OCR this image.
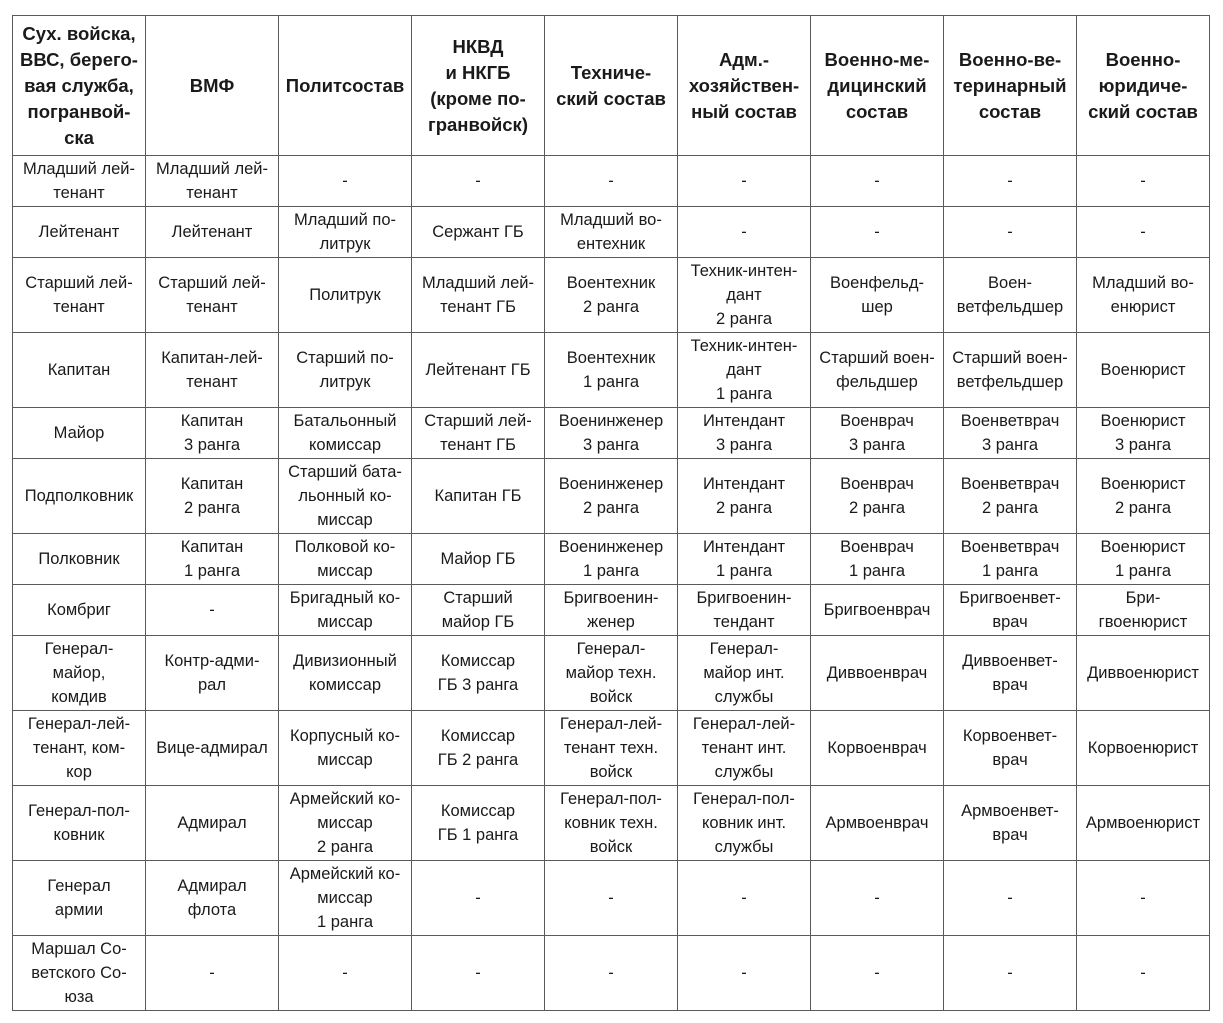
Сух. войска,
ВВС, берего-
вая служба,
погранвой-
ска	ВМФ	Политсостав	НКВД
и НКГБ
(кроме по-
гранвойск)	Техниче-
ский состав	Адм.-
хозяйствен-
ный состав	Военно-ме-
дицинский
состав	Военно-ве-
теринарный
состав	Военно-
юридиче-
ский состав

Младший лей-
тенант	Младший лей-
тенант	-	-	-	-	-	-	-

Лейтенант	Лейтенант	Младший по-
литрук	Сержант ГБ	Младший во-
ентехник	-	-	-	-

Старший лей-
тенант	Старший лей-
тенант	Политрук	Младший лей-
тенант ГБ	Воентехник
2 ранга	Техник-интен-
дант
2 ранга	Военфельд-
шер	Воен-
ветфельдшер	Младший во-
енюрист

Капитан	Капитан-лей-
тенант	Старший по-
литрук	Лейтенант ГБ	Воентехник
1 ранга	Техник-интен-
дант
1 ранга	Старший воен-
фельдшер	Старший воен-
ветфельдшер	Военюрист

Майор	Капитан
3 ранга	Батальонный
комиссар	Старший лей-
тенант ГБ	Военинженер
3 ранга	Интендант
3 ранга	Военврач
3 ранга	Военветврач
3 ранга	Военюрист
3 ранга

Подполковник	Капитан
2 ранга	Старший бата-
льонный ко-
миссар	Капитан ГБ	Военинженер
2 ранга	Интендант
2 ранга	Военврач
2 ранга	Военветврач
2 ранга	Военюрист
2 ранга

Полковник	Капитан
1 ранга	Полковой ко-
миссар	Майор ГБ	Военинженер
1 ранга	Интендант
1 ранга	Военврач
1 ранга	Военветврач
1 ранга	Военюрист
1 ранга

Комбриг	-	Бригадный ко-
миссар	Старший
майор ГБ	Бригвоенин-
женер	Бригвоенин-
тендант	Бригвоенврач	Бригвоенвет-
врач	Бри-
гвоенюрист

Генерал-
майор,
комдив	Контр-адми-
рал	Дивизионный
комиссар	Комиссар
ГБ 3 ранга	Генерал-
майор техн.
войск	Генерал-
майор инт.
службы	Диввоенврач	Диввоенвет-
врач	Диввоенюрист

Генерал-лей-
тенант, ком-
кор	Вице-адмирал	Корпусный ко-
миссар	Комиссар
ГБ 2 ранга	Генерал-лей-
тенант техн.
войск	Генерал-лей-
тенант инт.
службы	Корвоенврач	Корвоенвет-
врач	Корвоенюрист

Генерал-пол-
ковник	Адмирал	Армейский ко-
миссар
2 ранга	Комиссар
ГБ 1 ранга	Генерал-пол-
ковник техн.
войск	Генерал-пол-
ковник инт.
службы	Армвоенврач	Армвоенвет-
врач	Армвоенюрист

Генерал
армии	Адмирал
флота	Армейский ко-
миссар
1 ранга	-	-	-	-	-	-

Маршал Со-
ветского Со-
юза	-	-	-	-	-	-	-	-
